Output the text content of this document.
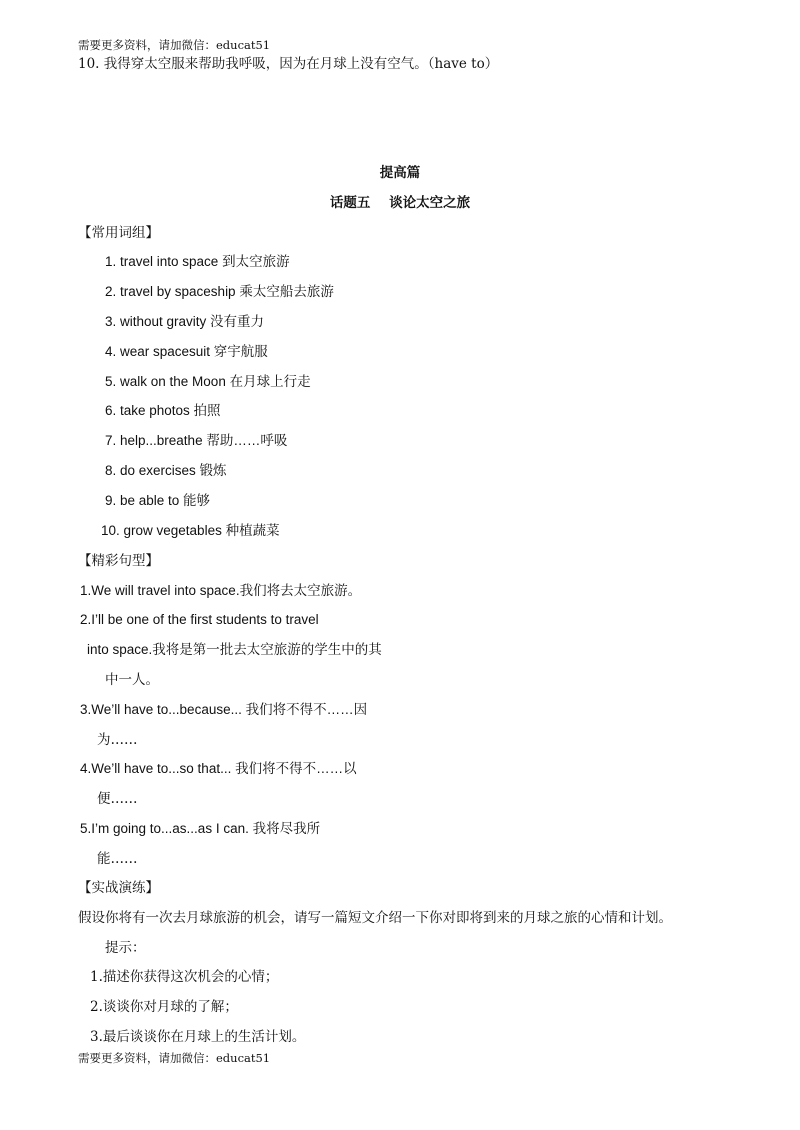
需要更多资料，请加微信：educat51
10. 我得穿太空服来帮助我呼吸，因为在月球上没有空气。（have to）
提高篇
话题五    谈论太空之旅
【常用词组】
1. travel into space 到太空旅游
2. travel by spaceship 乘太空船去旅游
3. without gravity 没有重力
4. wear spacesuit 穿宇航服
5. walk on the Moon 在月球上行走
6. take photos 拍照
7. help...breathe 帮助……呼吸
8. do exercises 锻炼
9. be able to 能够
10. grow vegetables 种植蔬菜
【精彩句型】
1.We will travel into space.我们将去太空旅游。
2.I’ll be one of the first students to travel
into space.我将是第一批去太空旅游的学生中的其
中一人。
3.We’ll have to...because... 我们将不得不……因
为……
4.We’ll have to...so that... 我们将不得不……以
便……
5.I’m going to...as...as I can. 我将尽我所
能……
【实战演练】
假设你将有一次去月球旅游的机会，请写一篇短文介绍一下你对即将到来的月球之旅的心情和计划。
提示：
1.描述你获得这次机会的心情；
2.谈谈你对月球的了解；
3.最后谈谈你在月球上的生活计划。
需要更多资料，请加微信：educat51
